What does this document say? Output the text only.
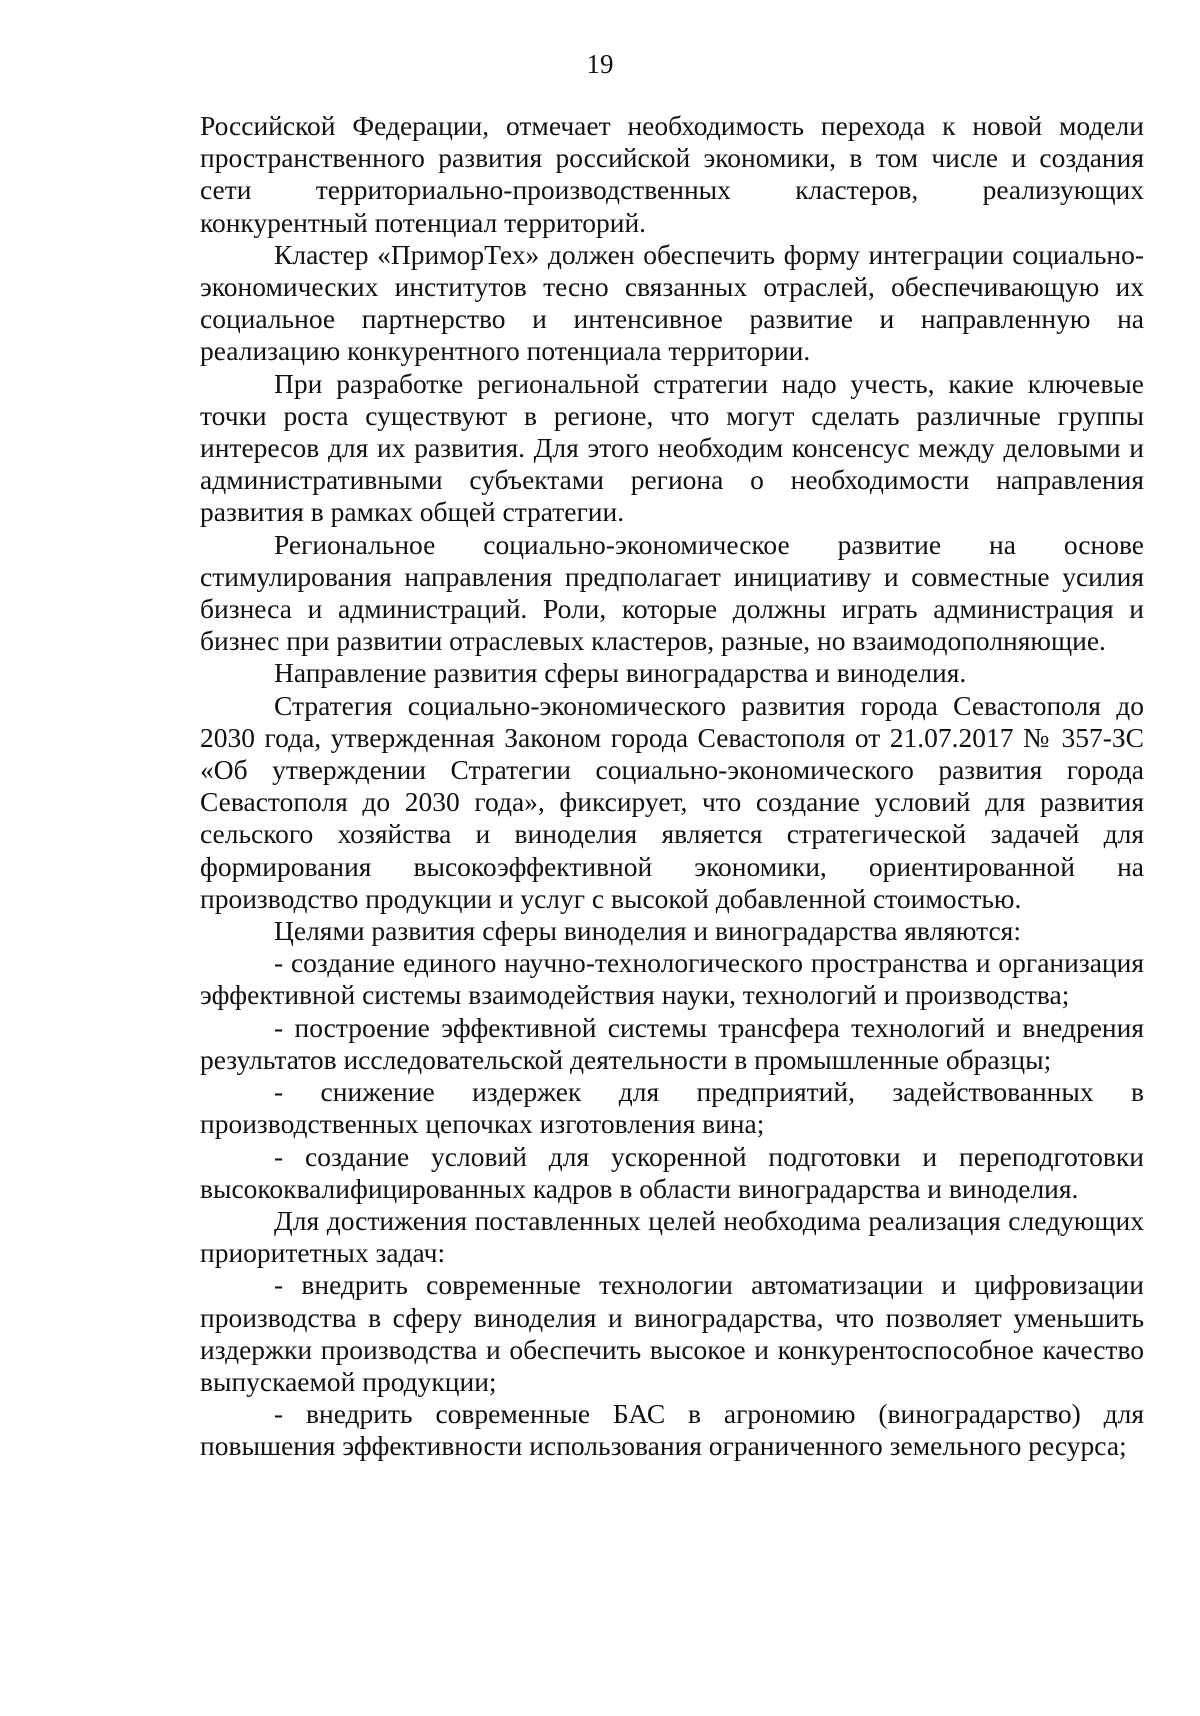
19

Российской Федерации, отмечает необходимость перехода к новой модели пространственного развития российской экономики, в том числе и создания сети территориально-производственных кластеров, реализующих конкурентный потенциал территорий.

Кластер «ПриморТех» должен обеспечить форму интеграции социально-экономических институтов тесно связанных отраслей, обеспечивающую их социальное партнерство и интенсивное развитие и направленную на реализацию конкурентного потенциала территории.

При разработке региональной стратегии надо учесть, какие ключевые точки роста существуют в регионе, что могут сделать различные группы интересов для их развития. Для этого необходим консенсус между деловыми и административными субъектами региона о необходимости направления развития в рамках общей стратегии.

Региональное социально-экономическое развитие на основе стимулирования направления предполагает инициативу и совместные усилия бизнеса и администраций. Роли, которые должны играть администрация и бизнес при развитии отраслевых кластеров, разные, но взаимодополняющие.

Направление развития сферы виноградарства и виноделия.

Стратегия социально-экономического развития города Севастополя до 2030 года, утвержденная Законом города Севастополя от 21.07.2017 № 357-ЗС «Об утверждении Стратегии социально-экономического развития города Севастополя до 2030 года», фиксирует, что создание условий для развития сельского хозяйства и виноделия является стратегической задачей для формирования высокоэффективной экономики, ориентированной на производство продукции и услуг с высокой добавленной стоимостью.

Целями развития сферы виноделия и виноградарства являются:

- создание единого научно-технологического пространства и организация эффективной системы взаимодействия науки, технологий и производства;

- построение эффективной системы трансфера технологий и внедрения результатов исследовательской деятельности в промышленные образцы;

- снижение издержек для предприятий, задействованных в производственных цепочках изготовления вина;

- создание условий для ускоренной подготовки и переподготовки высококвалифицированных кадров в области виноградарства и виноделия.

Для достижения поставленных целей необходима реализация следующих приоритетных задач:

- внедрить современные технологии автоматизации и цифровизации производства в сферу виноделия и виноградарства, что позволяет уменьшить издержки производства и обеспечить высокое и конкурентоспособное качество выпускаемой продукции;

- внедрить современные БАС в агрономию (виноградарство) для повышения эффективности использования ограниченного земельного ресурса;
